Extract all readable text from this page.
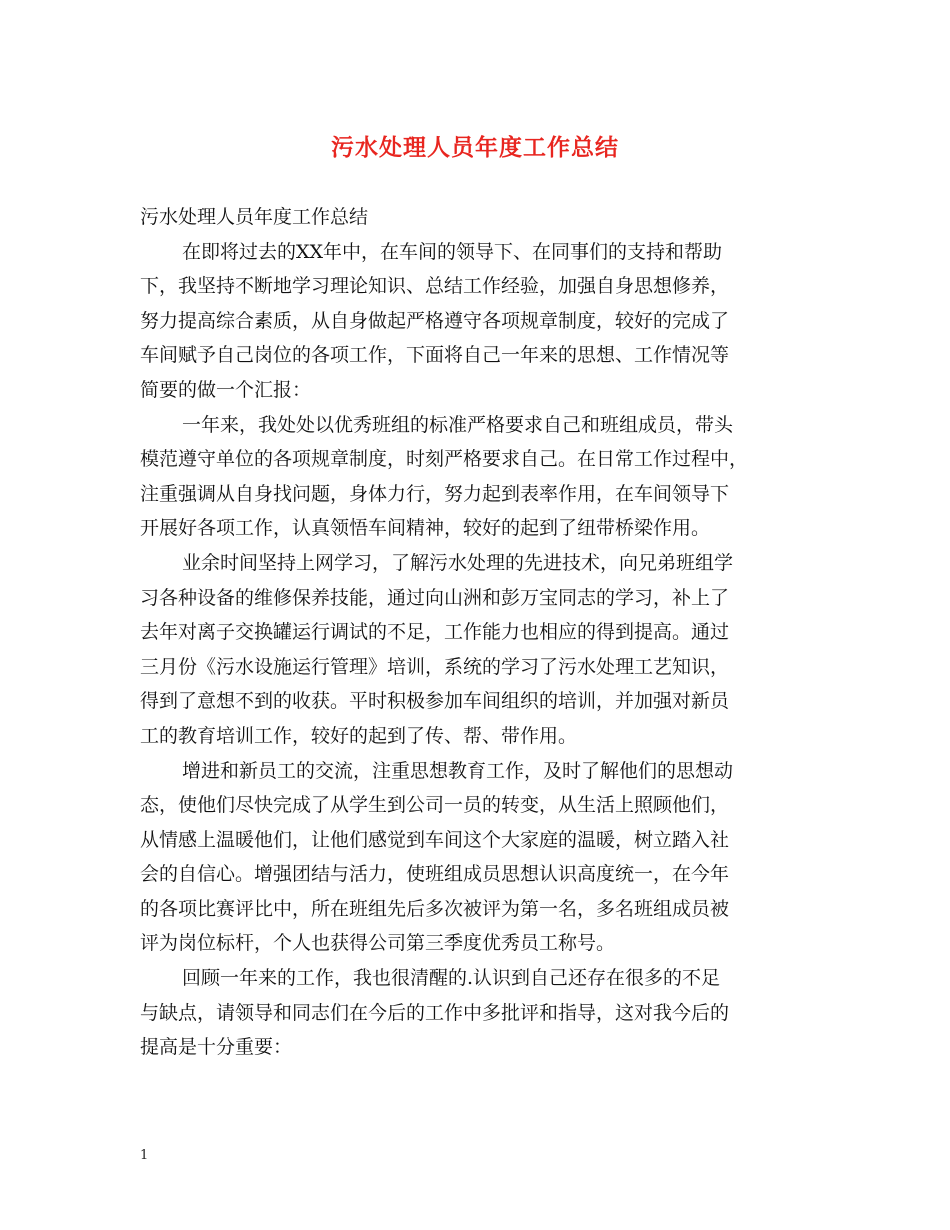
污水处理人员年度工作总结
污水处理人员年度工作总结
在即将过去的XX年中，在车间的领导下、在同事们的支持和帮助
下，我坚持不断地学习理论知识、总结工作经验，加强自身思想修养，
努力提高综合素质，从自身做起严格遵守各项规章制度，较好的完成了
车间赋予自己岗位的各项工作，下面将自己一年来的思想、工作情况等
简要的做一个汇报：
一年来，我处处以优秀班组的标准严格要求自己和班组成员，带头
模范遵守单位的各项规章制度，时刻严格要求自己。在日常工作过程中，
注重强调从自身找问题，身体力行，努力起到表率作用，在车间领导下
开展好各项工作，认真领悟车间精神，较好的起到了纽带桥梁作用。
业余时间坚持上网学习，了解污水处理的先进技术，向兄弟班组学
习各种设备的维修保养技能，通过向山洲和彭万宝同志的学习，补上了
去年对离子交换罐运行调试的不足，工作能力也相应的得到提高。通过
三月份《污水设施运行管理》培训，系统的学习了污水处理工艺知识，
得到了意想不到的收获。平时积极参加车间组织的培训，并加强对新员
工的教育培训工作，较好的起到了传、帮、带作用。
增进和新员工的交流，注重思想教育工作，及时了解他们的思想动
态，使他们尽快完成了从学生到公司一员的转变，从生活上照顾他们，
从情感上温暖他们，让他们感觉到车间这个大家庭的温暖，树立踏入社
会的自信心。增强团结与活力，使班组成员思想认识高度统一，在今年
的各项比赛评比中，所在班组先后多次被评为第一名，多名班组成员被
评为岗位标杆，个人也获得公司第三季度优秀员工称号。
回顾一年来的工作，我也很清醒的.认识到自己还存在很多的不足
与缺点，请领导和同志们在今后的工作中多批评和指导，这对我今后的
提高是十分重要：
1
